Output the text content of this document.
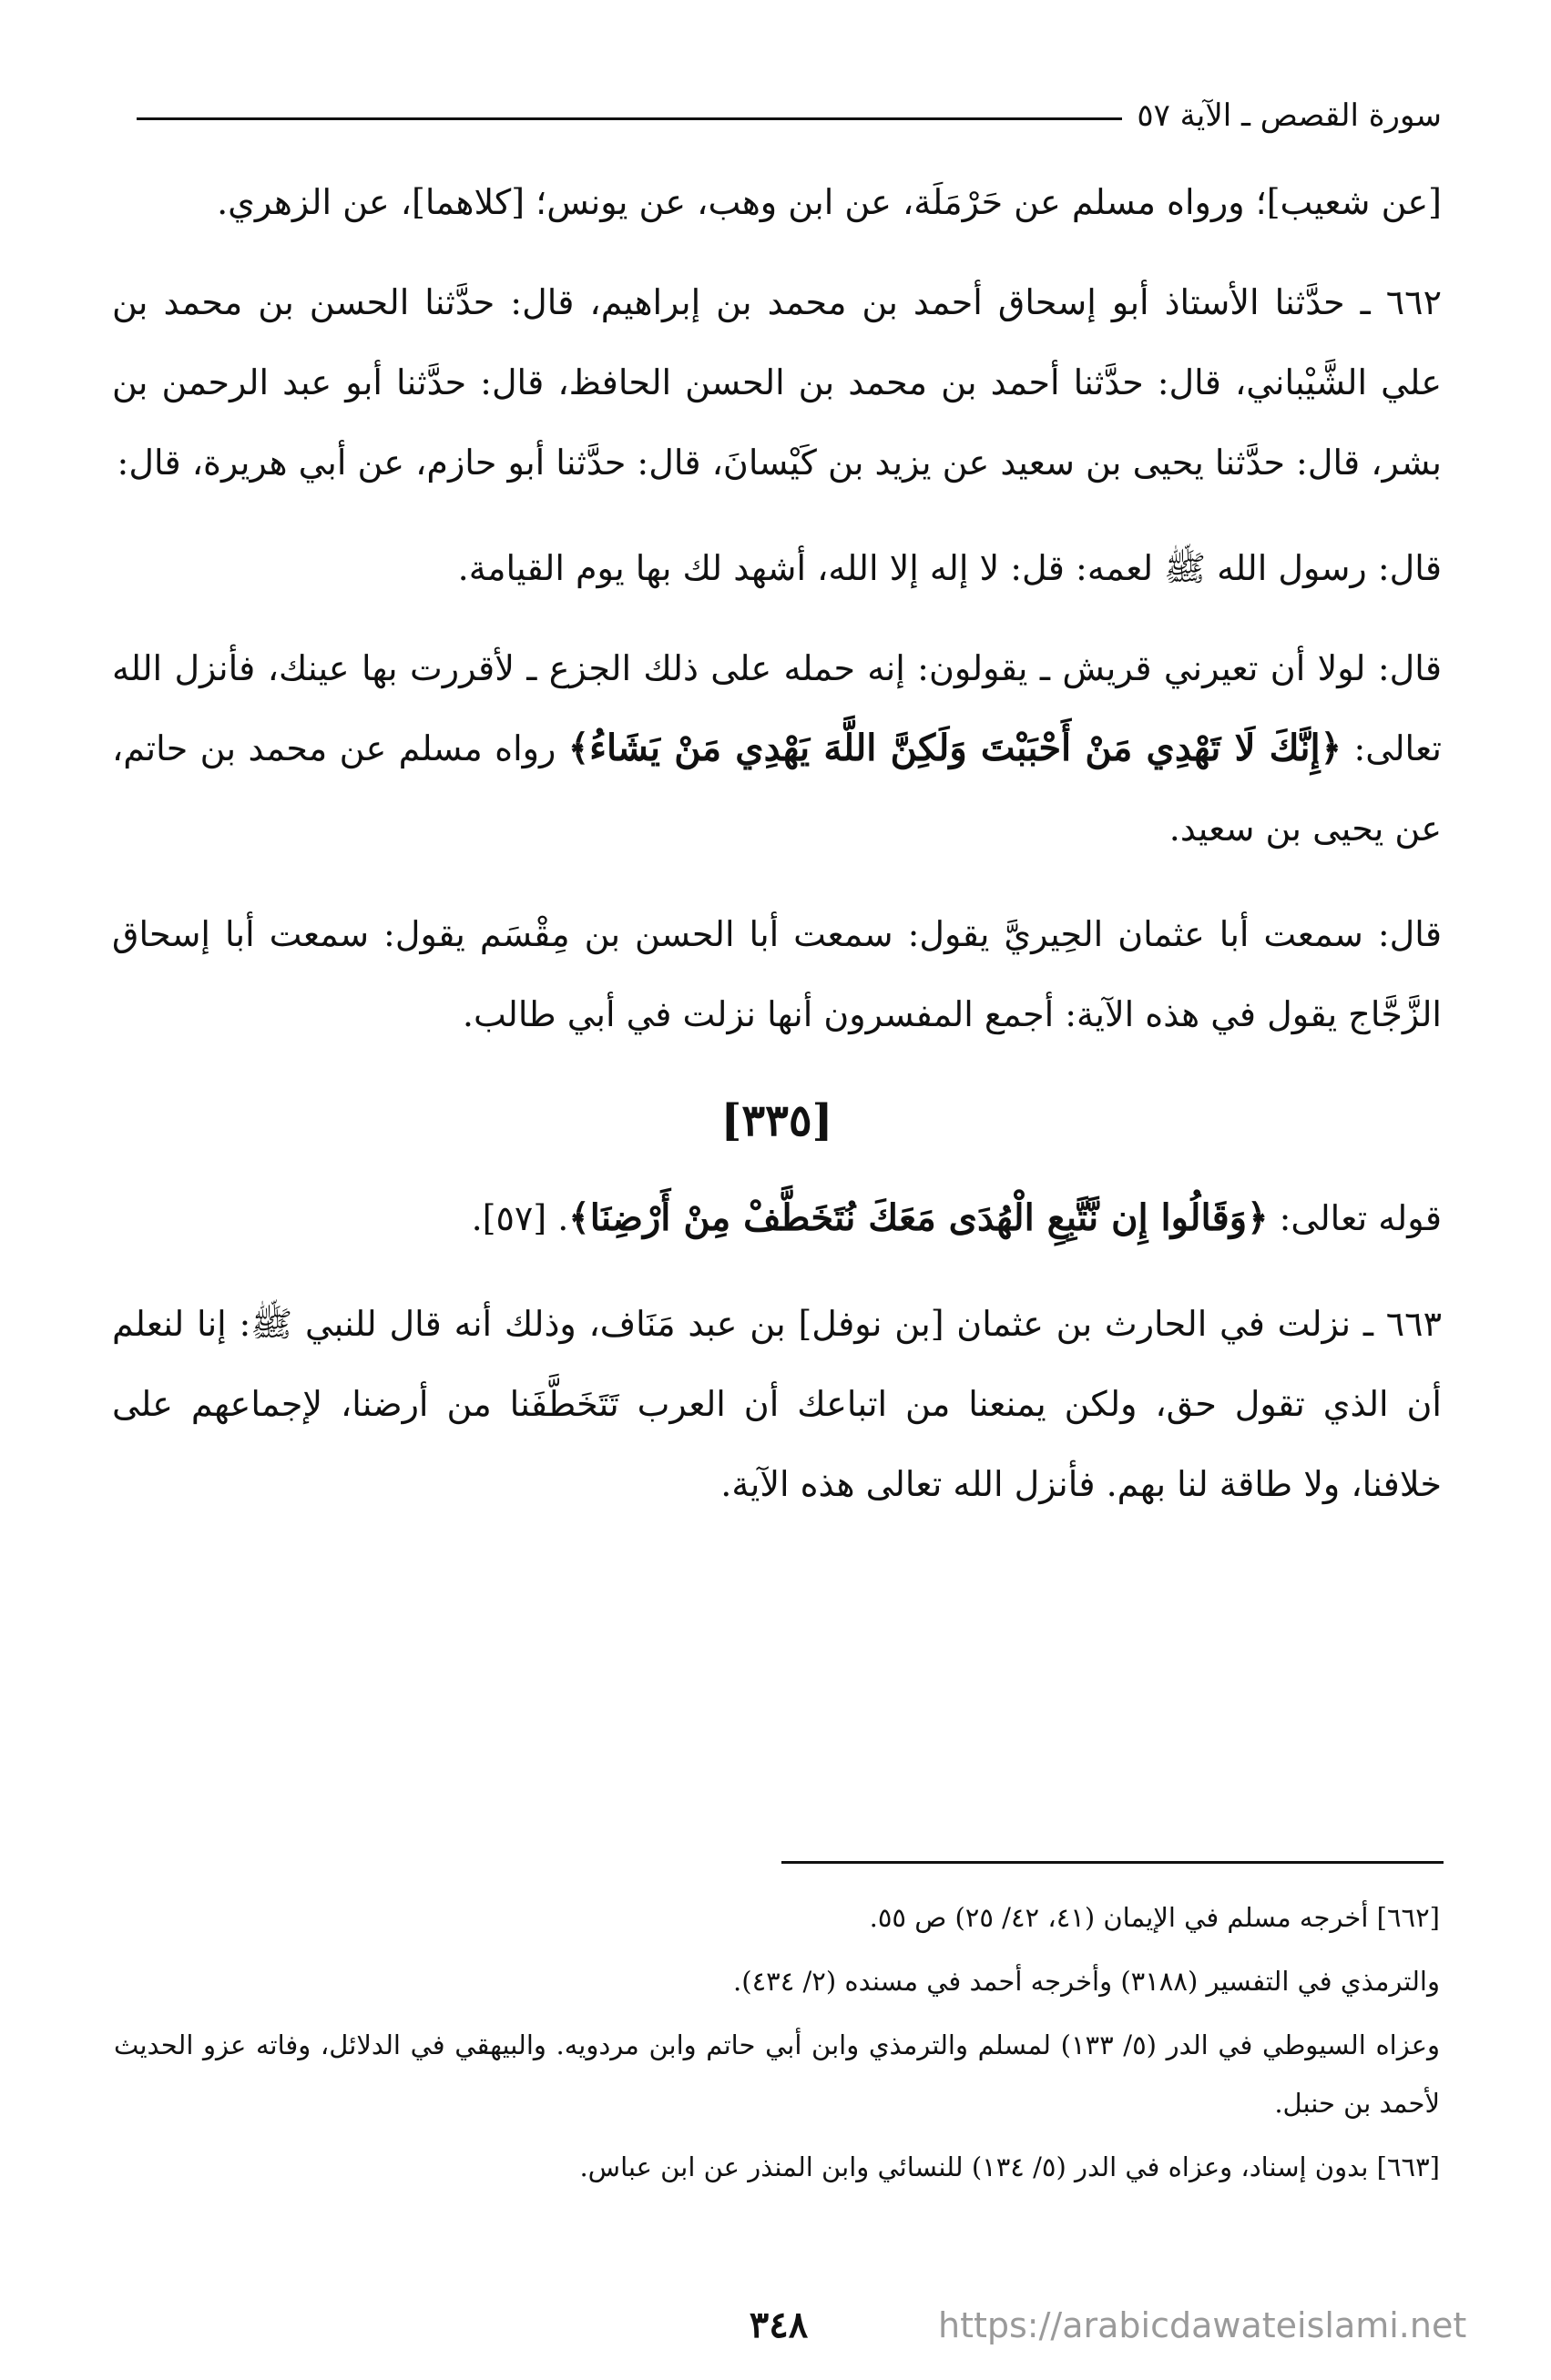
سورة القصص ـ الآية ٥٧

[عن شعيب]؛ ورواه مسلم عن حَرْمَلَة، عن ابن وهب، عن يونس؛ [كلاهما]، عن الزهري.

٦٦٢ ـ حدَّثنا الأستاذ أبو إسحاق أحمد بن محمد بن إبراهيم، قال: حدَّثنا الحسن بن محمد بن علي الشَّيْباني، قال: حدَّثنا أحمد بن محمد بن الحسن الحافظ، قال: حدَّثنا أبو عبد الرحمن بن بشر، قال: حدَّثنا يحيى بن سعيد عن يزيد بن كَيْسانَ، قال: حدَّثنا أبو حازم، عن أبي هريرة، قال:

قال: رسول الله ﷺ لعمه: قل: لا إله إلا الله، أشهد لك بها يوم القيامة.

قال: لولا أن تعيرني قريش ـ يقولون: إنه حمله على ذلك الجزع ـ لأقررت بها عينك، فأنزل الله تعالى: ﴿إِنَّكَ لَا تَهْدِي مَنْ أَحْبَبْتَ وَلَكِنَّ اللَّهَ يَهْدِي مَنْ يَشَاءُ﴾ رواه مسلم عن محمد بن حاتم، عن يحيى بن سعيد.

قال: سمعت أبا عثمان الحِيريَّ يقول: سمعت أبا الحسن بن مِقْسَم يقول: سمعت أبا إسحاق الزَّجَّاج يقول في هذه الآية: أجمع المفسرون أنها نزلت في أبي طالب.

[٣٣٥]

قوله تعالى: ﴿وَقَالُوا إِن نَّتَّبِعِ الْهُدَى مَعَكَ نُتَخَطَّفْ مِنْ أَرْضِنَا﴾. [٥٧].

٦٦٣ ـ نزلت في الحارث بن عثمان [بن نوفل] بن عبد مَنَاف، وذلك أنه قال للنبي ﷺ: إنا لنعلم أن الذي تقول حق، ولكن يمنعنا من اتباعك أن العرب تَتَخَطَّفَنا من أرضنا، لإجماعهم على خلافنا، ولا طاقة لنا بهم. فأنزل الله تعالى هذه الآية.

[٦٦٢] أخرجه مسلم في الإيمان (٤١، ٤٢/ ٢٥) ص ٥٥.

والترمذي في التفسير (٣١٨٨) وأخرجه أحمد في مسنده (٢/ ٤٣٤).

وعزاه السيوطي في الدر (٥/ ١٣٣) لمسلم والترمذي وابن أبي حاتم وابن مردويه. والبيهقي في الدلائل، وفاته عزو الحديث لأحمد بن حنبل.

[٦٦٣] بدون إسناد، وعزاه في الدر (٥/ ١٣٤) للنسائي وابن المنذر عن ابن عباس.

٣٤٨	https://arabicdawateislami.net
